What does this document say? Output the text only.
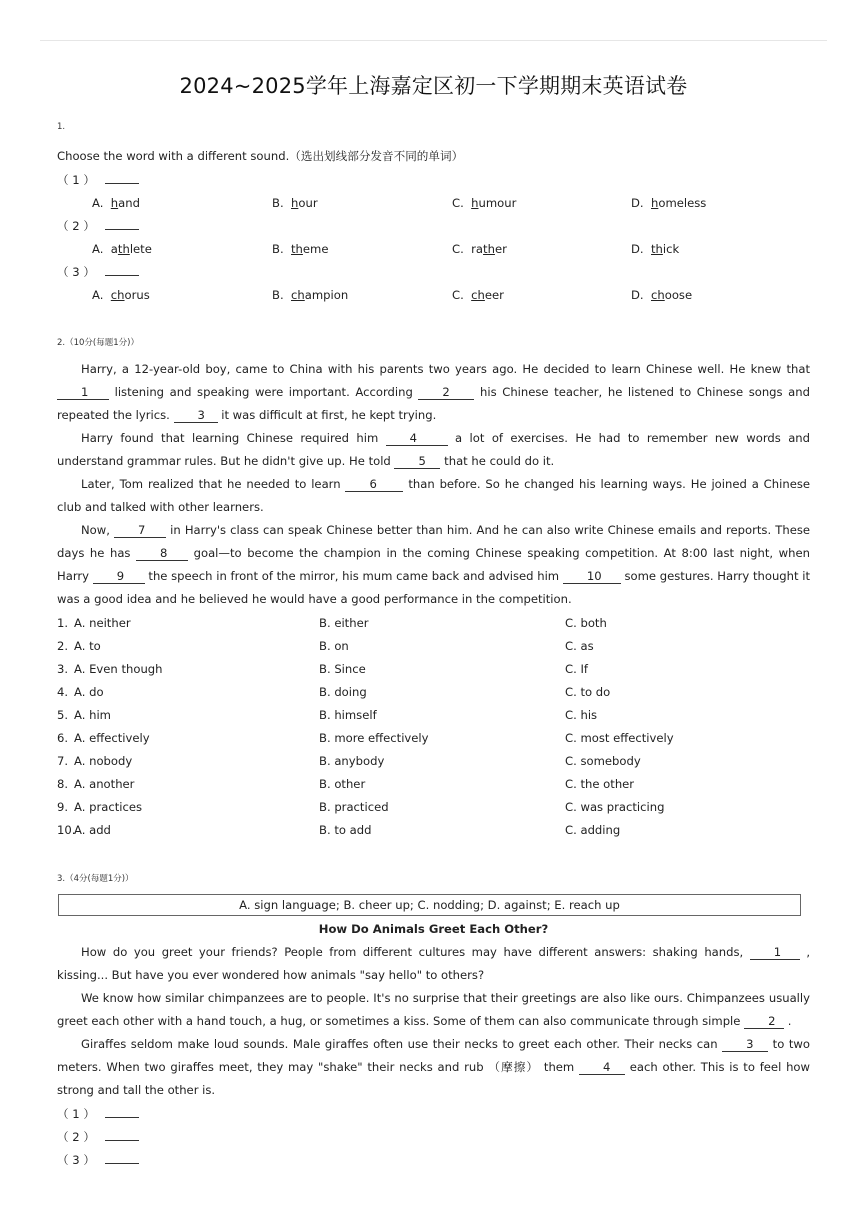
2024~2025学年上海嘉定区初一下学期期末英语试卷
1.
Choose the word with a different sound.（选出划线部分发音不同的单词）
（ 1 ）
A. hand	B. hour	C. humour	D. homeless
（ 2 ）
A. athlete	B. theme	C. rather	D. thick
（ 3 ）
A. chorus	B. champion	C. cheer	D. choose
2.（10分(每题1分)）
Harry, a 12-year-old boy, came to China with his parents two years ago. He decided to learn Chinese well. He knew that 1 listening and speaking were important. According 2 his Chinese teacher, he listened to Chinese songs and repeated the lyrics. 3 it was difficult at first, he kept trying.
Harry found that learning Chinese required him 4	a lot of exercises. He had to remember new words and understand grammar rules. But he didn't give up. He told 5 that he could do it.
Later, Tom realized that he needed to learn 6 than before. So he changed his learning ways. He joined a Chinese club and talked with other learners.
Now, 7 in Harry's class can speak Chinese better than him. And he can also write Chinese emails and reports. These days he has 8 goal—to become the champion in the coming Chinese speaking competition. At 8:00 last night, when Harry 9 the speech in front of the mirror, his mum came back and advised him 10 some gestures. Harry thought it was a good idea and he believed he would have a good performance in the competition.
1. A. neither	B. either	C. both
2. A. to	B. on	C. as
3. A. Even though	B. Since	C. If
4. A. do	B. doing	C. to do
5. A. him	B. himself	C. his
6. A. effectively	B. more effectively	C. most effectively
7. A. nobody	B. anybody	C. somebody
8. A. another	B. other	C. the other
9. A. practices	B. practiced	C. was practicing
10.
A. add	B. to add	C. adding
3.（4分(每题1分)）
A. sign language; B. cheer up; C. nodding; D. against; E. reach up
How Do Animals Greet Each Other?
How do you greet your friends? People from different cultures may have different answers: shaking hands, 1 , kissing... But have you ever wondered how animals "say hello" to others?
We know how similar chimpanzees are to people. It's no surprise that their greetings are also like ours. Chimpanzees usually greet each other with a hand touch, a hug, or sometimes a kiss. Some of them can also communicate through simple 2 .
Giraffes seldom make loud sounds. Male giraffes often use their necks to greet each other. Their necks can 3 to two meters. When two giraffes meet, they may "shake" their necks and rub （摩擦） them 4 each other. This is to feel how strong and tall the other is.
（ 1 ）
（ 2 ）
（ 3 ）
